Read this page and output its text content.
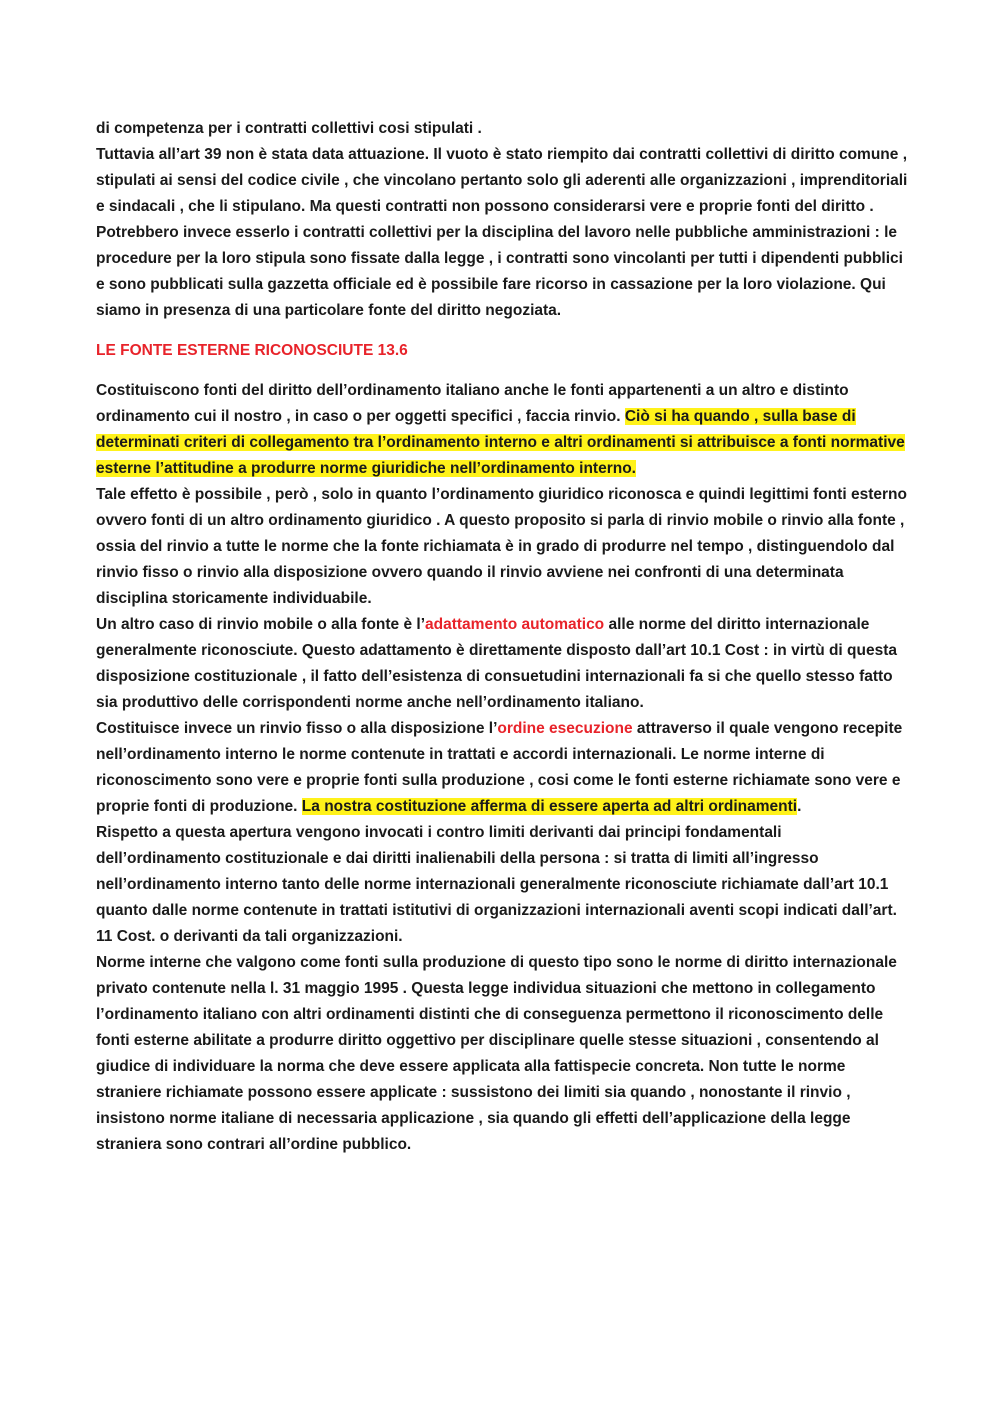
di competenza per i contratti collettivi cosi stipulati .

Tuttavia all’art 39 non è stata data attuazione. Il vuoto è stato riempito dai contratti collettivi di diritto comune , stipulati ai sensi del codice civile , che vincolano pertanto solo gli aderenti alle organizzazioni , imprenditoriali e sindacali , che li stipulano. Ma questi contratti non possono considerarsi vere e proprie fonti del diritto . Potrebbero invece esserlo i contratti collettivi per la disciplina del lavoro nelle pubbliche amministrazioni : le procedure per la loro stipula sono fissate dalla legge , i contratti sono vincolanti per tutti i dipendenti pubblici e sono pubblicati sulla gazzetta officiale ed è possibile fare ricorso in cassazione per la loro violazione. Qui siamo in presenza di una particolare fonte del diritto negoziata.

LE FONTE ESTERNE RICONOSCIUTE 13.6

Costituiscono fonti del diritto dell’ordinamento italiano anche le fonti appartenenti a un altro e distinto ordinamento cui il nostro , in caso o per oggetti specifici , faccia rinvio. Ciò si ha quando , sulla base di determinati criteri di collegamento tra l’ordinamento interno e altri ordinamenti si attribuisce a fonti normative esterne l’attitudine a produrre norme giuridiche nell’ordinamento interno.

Tale effetto è possibile , però , solo in quanto l’ordinamento giuridico riconosca e quindi legittimi fonti esterno ovvero fonti di un altro ordinamento giuridico . A questo proposito si parla di rinvio mobile o rinvio alla fonte , ossia del rinvio a tutte le norme che la fonte richiamata è in grado di produrre nel tempo , distinguendolo dal rinvio fisso o rinvio alla disposizione ovvero quando il rinvio avviene nei confronti di una determinata disciplina storicamente individuabile.

Un altro caso di rinvio mobile o alla fonte è l’adattamento automatico alle norme del diritto internazionale generalmente riconosciute. Questo adattamento è direttamente disposto dall’art 10.1 Cost : in virtù di questa disposizione costituzionale , il fatto dell’esistenza di consuetudini internazionali fa si che quello stesso fatto sia produttivo delle corrispondenti norme anche nell’ordinamento italiano.

Costituisce invece un rinvio fisso o alla disposizione l’ordine esecuzione attraverso il quale vengono recepite nell’ordinamento interno le norme contenute in trattati e accordi internazionali. Le norme interne di riconoscimento sono vere e proprie fonti sulla produzione , cosi come le fonti esterne richiamate sono vere e proprie fonti di produzione. La nostra costituzione afferma di essere aperta ad altri ordinamenti.

Rispetto a questa apertura vengono invocati i contro limiti derivanti dai principi fondamentali dell’ordinamento costituzionale e dai diritti inalienabili della persona : si tratta di limiti all’ingresso nell’ordinamento interno tanto delle norme internazionali generalmente riconosciute richiamate dall’art 10.1 quanto dalle norme contenute in trattati istitutivi di organizzazioni internazionali aventi scopi indicati dall’art. 11 Cost. o derivanti da tali organizzazioni.

Norme interne che valgono come fonti sulla produzione di questo tipo sono le norme di diritto internazionale privato contenute nella l. 31 maggio 1995 . Questa legge individua situazioni che mettono in collegamento l’ordinamento italiano con altri ordinamenti distinti che di conseguenza permettono il riconoscimento delle fonti esterne abilitate a produrre diritto oggettivo per disciplinare quelle stesse situazioni , consentendo al giudice di individuare la norma che deve essere applicata alla fattispecie concreta. Non tutte le norme straniere richiamate possono essere applicate : sussistono dei limiti sia quando , nonostante il rinvio , insistono norme italiane di necessaria applicazione , sia quando gli effetti dell’applicazione della legge straniera sono contrari all’ordine pubblico.
